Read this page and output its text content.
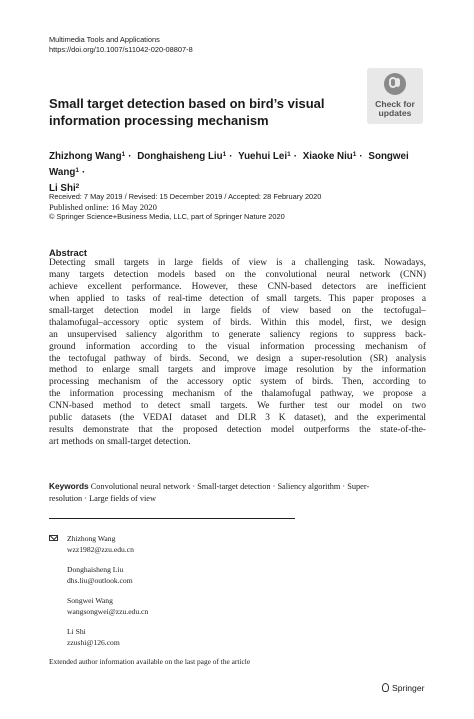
Multimedia Tools and Applications
https://doi.org/10.1007/s11042-020-08807-8
Check for
updates
Small target detection based on bird’s visual
information processing mechanism
Zhizhong Wang$^1$ · Donghaisheng Liu$^1$ · Yuehui Lei$^1$ · Xiaoke Niu$^1$ · Songwei Wang$^1$ ·
Li Shi$^2$
Received: 7 May 2019 / Revised: 15 December 2019 / Accepted: 28 February 2020
Published online: 16 May 2020
© Springer Science+Business Media, LLC, part of Springer Nature 2020
Abstract
Detecting small targets in large fields of view is a challenging task. Nowadays,
many targets detection models based on the convolutional neural network (CNN)
achieve excellent performance. However, these CNN-based detectors are inefficient
when applied to tasks of real-time detection of small targets. This paper proposes a
small-target detection model in large fields of view based on the tectofugal–
thalamofugal–accessory optic system of birds. Within this model, first, we design
an unsupervised saliency algorithm to generate saliency regions to suppress back-
ground information according to the visual information processing mechanism of
the tectofugal pathway of birds. Second, we design a super-resolution (SR) analysis
method to enlarge small targets and improve image resolution by the information
processing mechanism of the accessory optic system of birds. Then, according to
the information processing mechanism of the thalamofugal pathway, we propose a
CNN-based method to detect small targets. We further test our model on two
public datasets (the VEDAI dataset and DLR 3 K dataset), and the experimental
results demonstrate that the proposed detection model outperforms the state-of-the-
art methods on small-target detection.
Keywords Convolutional neural network · Small-target detection · Saliency algorithm · Super-
resolution · Large fields of view
Zhizhong Wang
wzz1982@zzu.edu.cn
Donghaisheng Liu
dhs.liu@outlook.com
Songwei Wang
wangsongwei@zzu.edu.cn
Li Shi
zzushi@126.com
Extended author information available on the last page of the article
Springer
